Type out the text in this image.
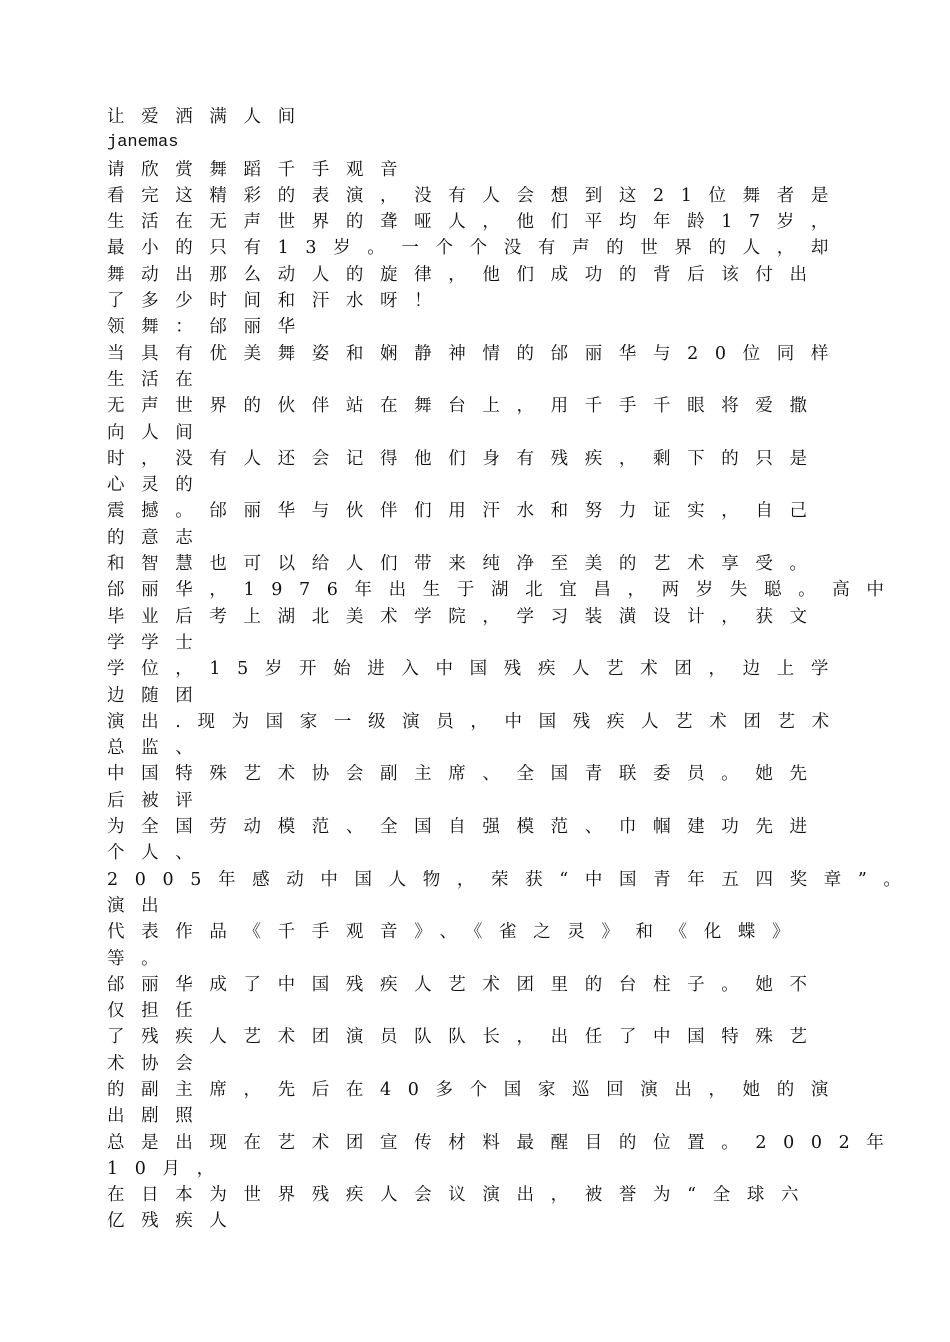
让爱洒满人间
janemas
请欣赏舞蹈千手观音
看完这精彩的表演，没有人会想到这21位舞者是
生活在无声世界的聋哑人，他们平均年龄17岁，
最小的只有13岁。一个个没有声的世界的人，却
舞动出那么动人的旋律，他们成功的背后该付出
了多少时间和汗水呀！
领舞：邰丽华
当具有优美舞姿和娴静神情的邰丽华与20位同样
生活在
无声世界的伙伴站在舞台上，用千手千眼将爱撒
向人间
时，没有人还会记得他们身有残疾，剩下的只是
心灵的
震撼。邰丽华与伙伴们用汗水和努力证实，自己
的意志
和智慧也可以给人们带来纯净至美的艺术享受。
邰丽华，1976年出生于湖北宜昌，两岁失聪。高中
毕业后考上湖北美术学院，学习装潢设计，获文
学学士
学位，15岁开始进入中国残疾人艺术团，边上学
边随团
演出.现为国家一级演员，中国残疾人艺术团艺术
总监、
中国特殊艺术协会副主席、全国青联委员。她先
后被评
为全国劳动模范、全国自强模范、巾帼建功先进
个人、
2005年感动中国人物，荣获“中国青年五四奖章”。
演出
代表作品《千手观音》、《雀之灵》和《化蝶》
等。
邰丽华成了中国残疾人艺术团里的台柱子。她不
仅担任
了残疾人艺术团演员队队长，出任了中国特殊艺
术协会
的副主席，先后在40多个国家巡回演出，她的演
出剧照
总是出现在艺术团宣传材料最醒目的位置。2002年
10月，
在日本为世界残疾人会议演出，被誉为“全球六
亿残疾人
